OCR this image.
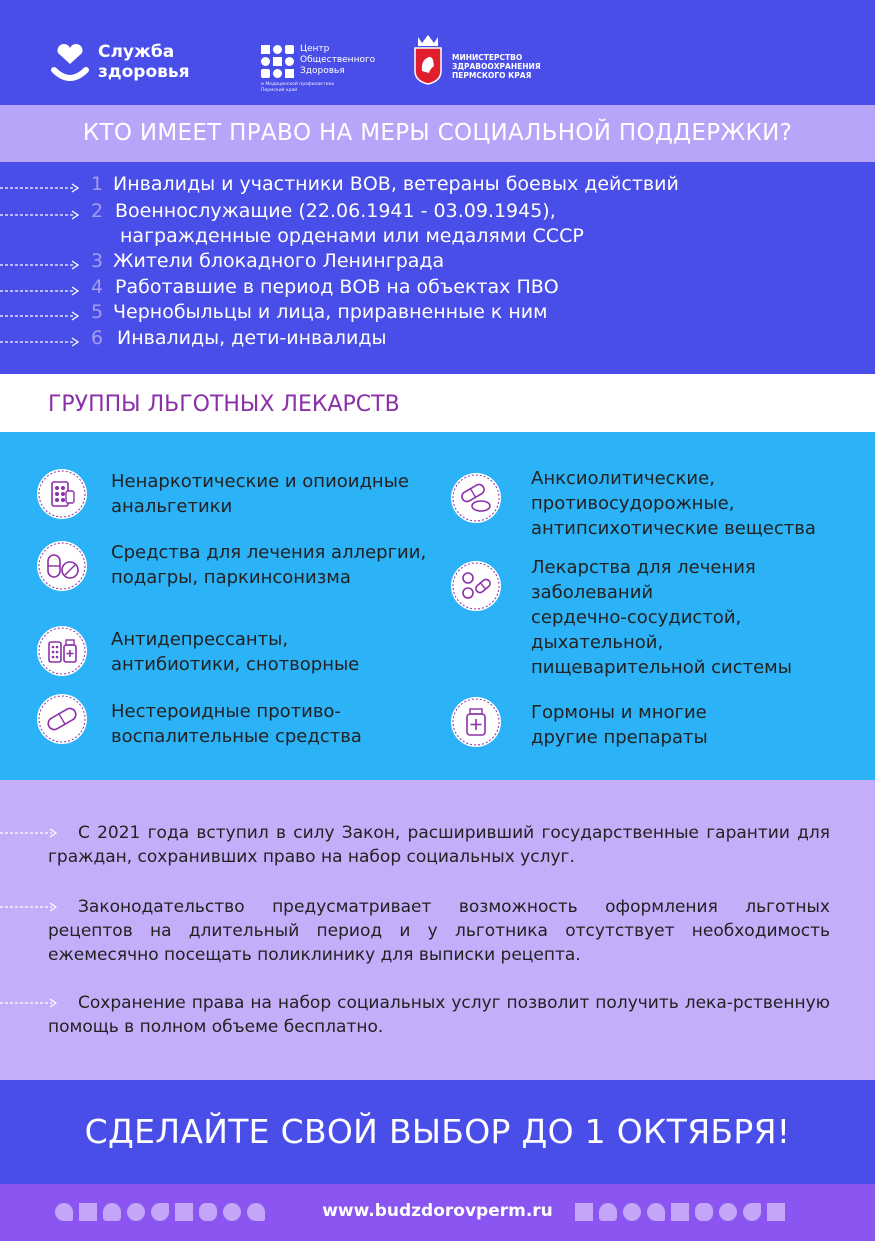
Служба
здоровья
Центр
Общественного
Здоровья
и Медицинской профилактики
Пермский край
МИНИСТЕРСТВО
ЗДРАВООХРАНЕНИЯ
ПЕРМСКОГО КРАЯ
КТО ИМЕЕТ ПРАВО НА МЕРЫ СОЦИАЛЬНОЙ ПОДДЕРЖКИ?
1 Инвалиды и участники ВОВ, ветераны боевых действий
2 Военнослужащие (22.06.1941 - 03.09.1945),
награжденные орденами или медалями СССР
3 Жители блокадного Ленинграда
4 Работавшие в период ВОВ на объектах ПВО
5 Чернобыльцы и лица, приравненные к ним
6 Инвалиды, дети-инвалиды
ГРУППЫ ЛЬГОТНЫХ ЛЕКАРСТВ
Ненаркотические и опиоидные
анальгетики
Средства для лечения аллергии,
подагры, паркинсонизма
Антидепрессанты,
антибиотики, снотворные
Нестероидные противо-
воспалительные средства
Анксиолитические,
противосудорожные,
антипсихотические вещества
Лекарства для лечения
заболеваний
сердечно-сосудистой,
дыхательной,
пищеварительной системы
Гормоны и многие
другие препараты
С 2021 года вступил в силу Закон, расширивший государственные гарантии для граждан, сохранивших право на набор социальных услуг.
Законодательство предусматривает возможность оформления льготных рецептов на длительный период и у льготника отсутствует необходимость ежемесячно посещать поликлинику для выписки рецепта.
Сохранение права на набор социальных услуг позволит получить лека-рственную помощь в полном объеме бесплатно.
СДЕЛАЙТЕ СВОЙ ВЫБОР ДО 1 ОКТЯБРЯ!
www.budzdorovperm.ru
